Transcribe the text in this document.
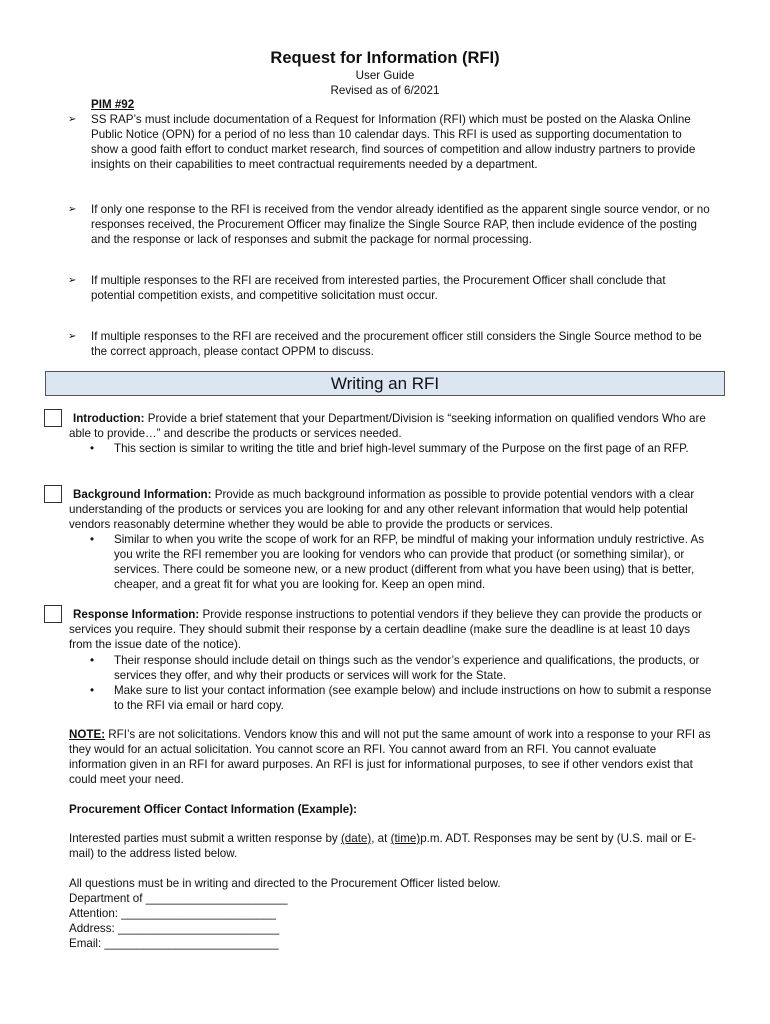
Request for Information (RFI)
User Guide
Revised as of 6/2021
PIM #92
➢	SS RAP’s must include documentation of a Request for Information (RFI) which must be posted on the Alaska Online Public Notice (OPN) for a period of no less than 10 calendar days. This RFI is used as supporting documentation to show a good faith effort to conduct market research, find sources of competition and allow industry partners to provide insights on their capabilities to meet contractual requirements needed by a department.
➢	If only one response to the RFI is received from the vendor already identified as the apparent single source vendor, or no responses received, the Procurement Officer may finalize the Single Source RAP, then include evidence of the posting and the response or lack of responses and submit the package for normal processing.
➢	If multiple responses to the RFI are received from interested parties, the Procurement Officer shall conclude that potential competition exists, and competitive solicitation must occur.
➢	If multiple responses to the RFI are received and the procurement officer still considers the Single Source method to be the correct approach, please contact OPPM to discuss.
Writing an RFI
Introduction: Provide a brief statement that your Department/Division is “seeking information on qualified vendors Who are able to provide…” and describe the products or services needed.
•	This section is similar to writing the title and brief high-level summary of the Purpose on the first page of an RFP.
Background Information: Provide as much background information as possible to provide potential vendors with a clear understanding of the products or services you are looking for and any other relevant information that would help potential vendors reasonably determine whether they would be able to provide the products or services.
•	Similar to when you write the scope of work for an RFP, be mindful of making your information unduly restrictive. As you write the RFI remember you are looking for vendors who can provide that product (or something similar), or services. There could be someone new, or a new product (different from what you have been using) that is better, cheaper, and a great fit for what you are looking for. Keep an open mind.
Response Information: Provide response instructions to potential vendors if they believe they can provide the products or services you require. They should submit their response by a certain deadline (make sure the deadline is at least 10 days from the issue date of the notice).
•	Their response should include detail on things such as the vendor’s experience and qualifications, the products, or services they offer, and why their products or services will work for the State.
•	Make sure to list your contact information (see example below) and include instructions on how to submit a response to the RFI via email or hard copy.
NOTE: RFI’s are not solicitations. Vendors know this and will not put the same amount of work into a response to your RFI as they would for an actual solicitation. You cannot score an RFI. You cannot award from an RFI. You cannot evaluate information given in an RFI for award purposes. An RFI is just for informational purposes, to see if other vendors exist that could meet your need.
Procurement Officer Contact Information (Example):
Interested parties must submit a written response by (date), at (time)p.m. ADT. Responses may be sent by (U.S. mail or E-mail) to the address listed below.
All questions must be in writing and directed to the Procurement Officer listed below.
Department of ______________________
Attention: ________________________
Address: _________________________
Email: ___________________________
